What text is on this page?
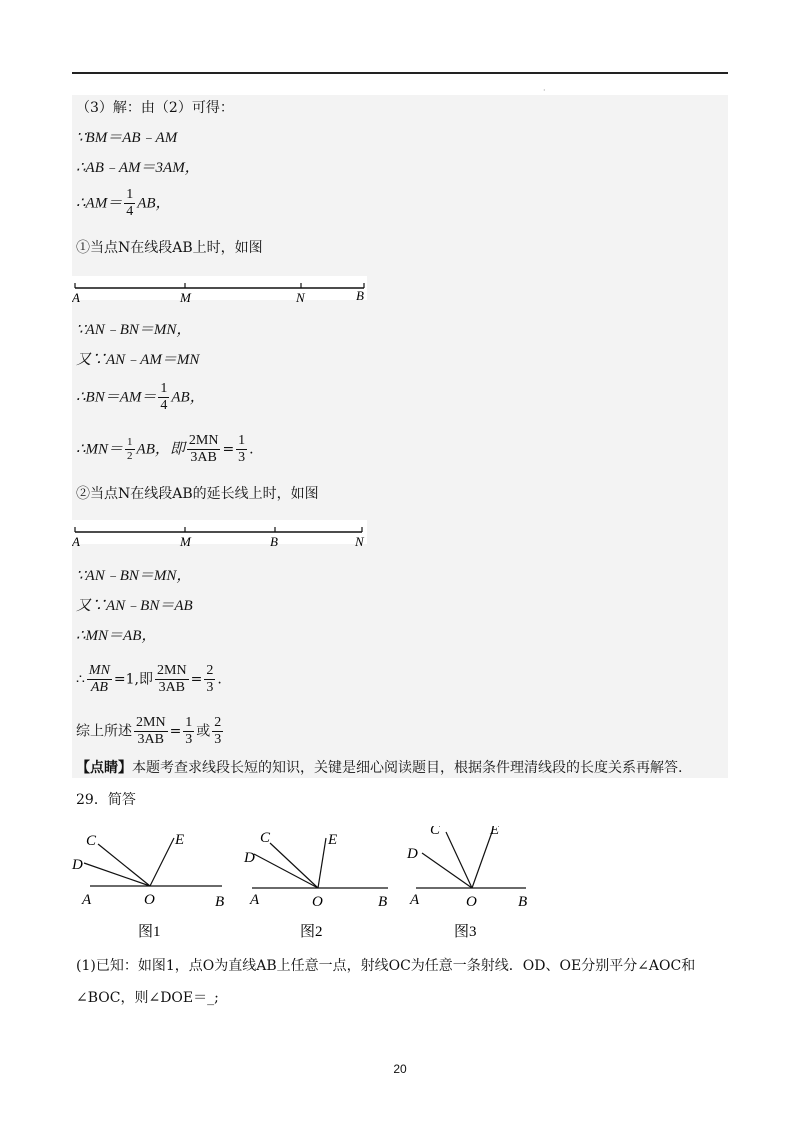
·
（3）解：由（2）可得：
∵BM＝AB﹣AM
∴AB﹣AM＝3AM，
∴AM＝ $\frac{1}{4}$ AB，
①当点N在线段AB上时，如图
A	M	N	B
∵AN﹣BN＝MN，
又∵AN﹣AM＝MN
∴BN＝AM＝ $\frac{1}{4}$ AB，
∴MN＝ $\frac{1}{2}$ AB，即 $\frac{2MN}{3AB} = \frac{1}{3}$ .
②当点N在线段AB的延长线上时，如图
A	M	B	N
∵AN﹣BN＝MN，
又∵AN﹣BN＝AB
∴MN＝AB，
∴ $\frac{MN}{AB} =1$,即 $\frac{2MN}{3AB} = \frac{2}{3}$ .
综上所述 $\frac{2MN}{3AB} = \frac{1}{3}$ 或 $\frac{2}{3}$
【点睛】本题考查求线段长短的知识，关键是细心阅读题目，根据条件理清线段的长度关系再解答.
29．简答
C	E
D
A	O	B
图1
C	E
D
A	O	B
图2
C	E
D
A	O	B
图3
(1)已知：如图1，点O为直线AB上任意一点，射线OC为任意一条射线．OD、OE分别平分∠AOC和
∠BOC，则∠DOE＝_;
20
